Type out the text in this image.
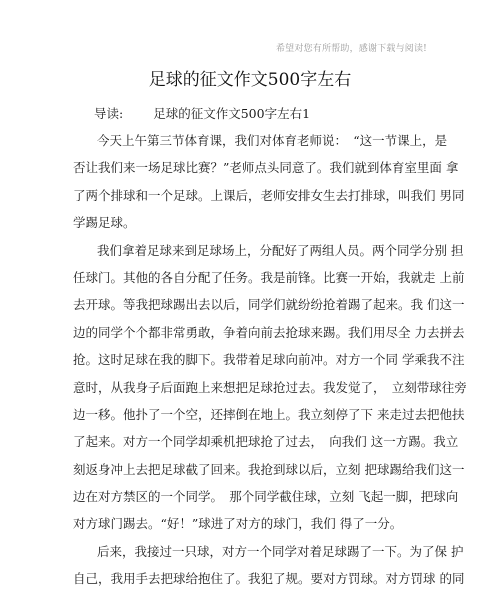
希望对您有所帮助，感谢下载与阅读!
足球的征文作文500字左右
导读: 足球的征文作文500字左右1
今天上午第三节体育课，我们对体育老师说：　“这一节课上，是
否让我们来一场足球比赛？”老师点头同意了。我们就到体育室里面 拿
了两个排球和一个足球。上课后，老师安排女生去打排球，叫我们 男同
学踢足球。
我们拿着足球来到足球场上，分配好了两组人员。两个同学分别 担
任球门。其他的各自分配了任务。我是前锋。比赛一开始，我就走 上前
去开球。等我把球踢出去以后，同学们就纷纷抢着踢了起来。我 们这一
边的同学个个都非常勇敢，争着向前去抢球来踢。我们用尽全 力去拼去
抢。这时足球在我的脚下。我带着足球向前冲。对方一个同 学乘我不注
意时，从我身子后面跑上来想把足球抢过去。我发觉了，　立刻带球往旁
边一移。他扑了一个空，还摔倒在地上。我立刻停了下 来走过去把他扶
了起来。对方一个同学却乘机把球抢了过去，　向我们 这一方踢。我立
刻返身冲上去把足球截了回来。我抢到球以后，立刻 把球踢给我们这一
边在对方禁区的一个同学。　那个同学截住球，立刻 飞起一脚，把球向
对方球门踢去。“好！”球进了对方的球门，我们 得了一分。
后来，我接过一只球，对方一个同学对着足球踢了一下。为了保 护
自己，我用手去把球给抱住了。我犯了规。要对方罚球。对方罚球 的同
